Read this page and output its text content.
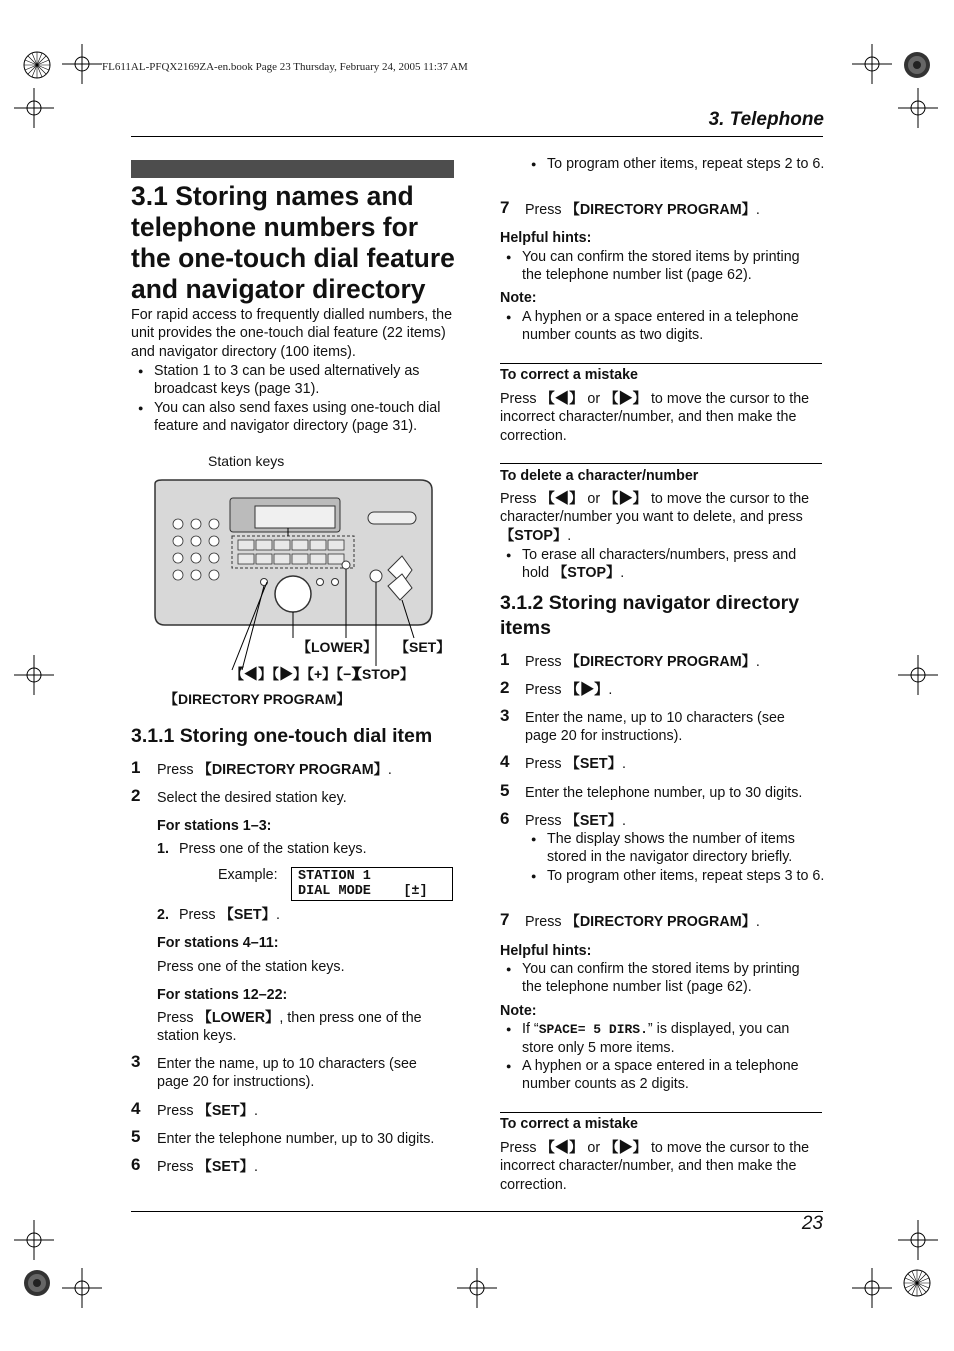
FL611AL-PFQX2169ZA-en.book Page 23 Thursday, February 24, 2005 11:37 AM
3. Telephone
3.1 Storing names and telephone numbers for the one-touch dial feature and navigator directory
For rapid access to frequently dialled numbers, the unit provides the one-touch dial feature (22 items) and navigator directory (100 items).
● Station 1 to 3 can be used alternatively as broadcast keys (page 31).
● You can also send faxes using one-touch dial feature and navigator directory (page 31).
Station keys
【LOWER】 【SET】
【◀】【▶】【+】【−】
【STOP】
【DIRECTORY PROGRAM】
3.1.1 Storing one-touch dial item
1 Press 【DIRECTORY PROGRAM】.
2 Select the desired station key.
For stations 1–3:
1. Press one of the station keys.
Example:	STATION 1
DIAL MODE    [±]
2. Press 【SET】.
For stations 4–11:
Press one of the station keys.
For stations 12–22:
Press 【LOWER】, then press one of the station keys.
3 Enter the name, up to 10 characters (see page 20 for instructions).
4 Press 【SET】.
5 Enter the telephone number, up to 30 digits.
6 Press 【SET】.
● To program other items, repeat steps 2 to 6.
7 Press 【DIRECTORY PROGRAM】.
Helpful hints:
● You can confirm the stored items by printing the telephone number list (page 62).
Note:
● A hyphen or a space entered in a telephone number counts as two digits.
To correct a mistake
Press 【◀】 or 【▶】 to move the cursor to the incorrect character/number, and then make the correction.
To delete a character/number
Press 【◀】 or 【▶】 to move the cursor to the character/number you want to delete, and press 【STOP】.
● To erase all characters/numbers, press and hold 【STOP】.
3.1.2 Storing navigator directory items
1 Press 【DIRECTORY PROGRAM】.
2 Press 【▶】.
3 Enter the name, up to 10 characters (see page 20 for instructions).
4 Press 【SET】.
5 Enter the telephone number, up to 30 digits.
6 Press 【SET】.
● The display shows the number of items stored in the navigator directory briefly.
● To program other items, repeat steps 3 to 6.
7 Press 【DIRECTORY PROGRAM】.
Helpful hints:
● You can confirm the stored items by printing the telephone number list (page 62).
Note:
● If “SPACE= 5 DIRS.” is displayed, you can store only 5 more items.
● A hyphen or a space entered in a telephone number counts as 2 digits.
To correct a mistake
Press 【◀】 or 【▶】 to move the cursor to the incorrect character/number, and then make the correction.
23
